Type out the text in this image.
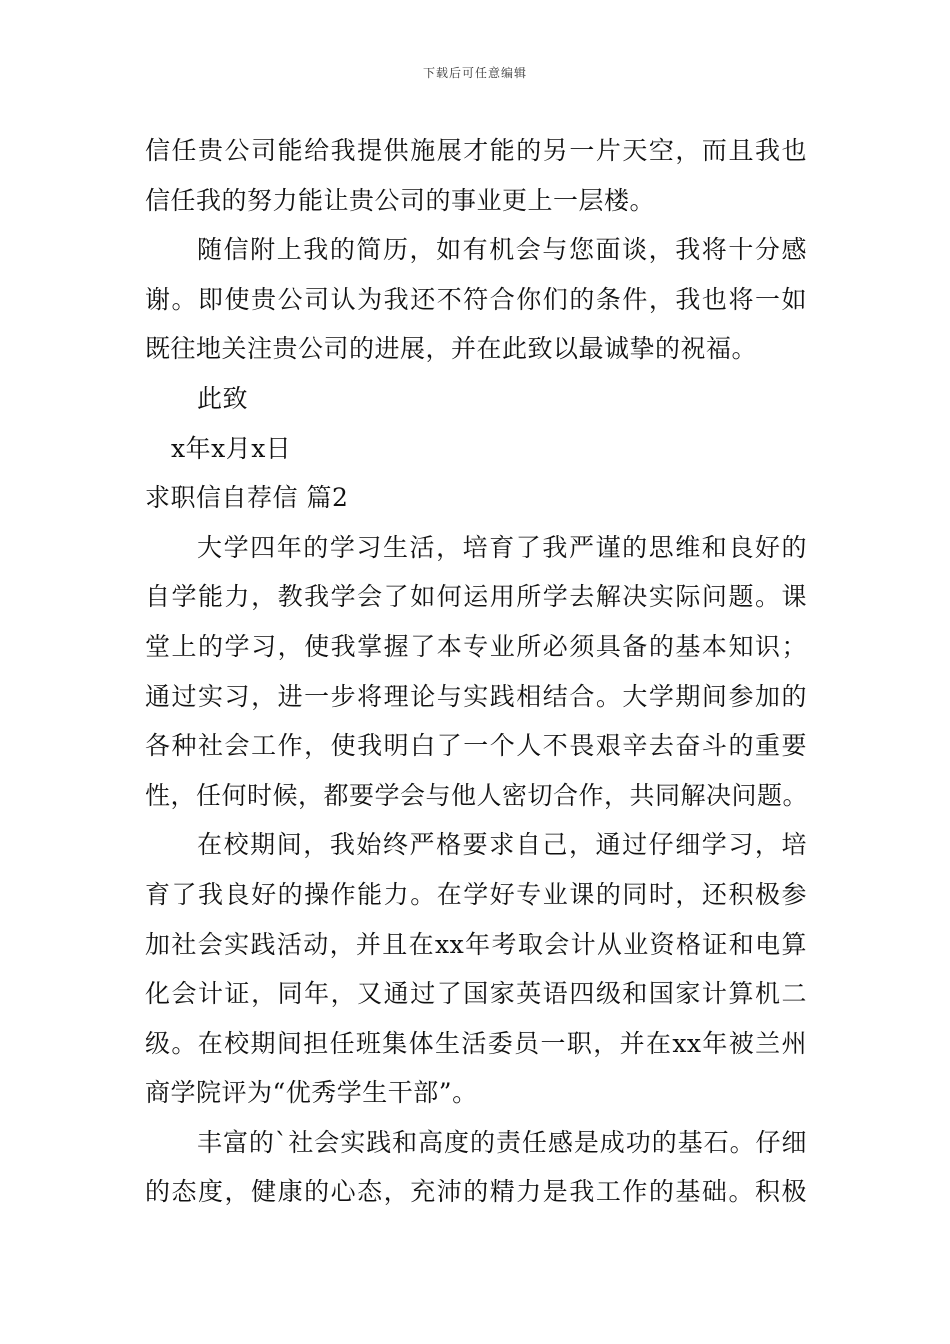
下载后可任意编辑
信任贵公司能给我提供施展才能的另一片天空，而且我也
信任我的努力能让贵公司的事业更上一层楼。
随信附上我的简历，如有机会与您面谈，我将十分感
谢。即使贵公司认为我还不符合你们的条件，我也将一如
既往地关注贵公司的进展，并在此致以最诚挚的祝福。
此致
x年x月x日
求职信自荐信 篇2
大学四年的学习生活，培育了我严谨的思维和良好的
自学能力，教我学会了如何运用所学去解决实际问题。课
堂上的学习，使我掌握了本专业所必须具备的基本知识；
通过实习，进一步将理论与实践相结合。大学期间参加的
各种社会工作，使我明白了一个人不畏艰辛去奋斗的重要
性，任何时候，都要学会与他人密切合作，共同解决问题。
在校期间，我始终严格要求自己，通过仔细学习，培
育了我良好的操作能力。在学好专业课的同时，还积极参
加社会实践活动，并且在xx年考取会计从业资格证和电算
化会计证，同年，又通过了国家英语四级和国家计算机二
级。在校期间担任班集体生活委员一职，并在xx年被兰州
商学院评为“优秀学生干部”。
丰富的`社会实践和高度的责任感是成功的基石。仔细
的态度，健康的心态，充沛的精力是我工作的基础。积极
